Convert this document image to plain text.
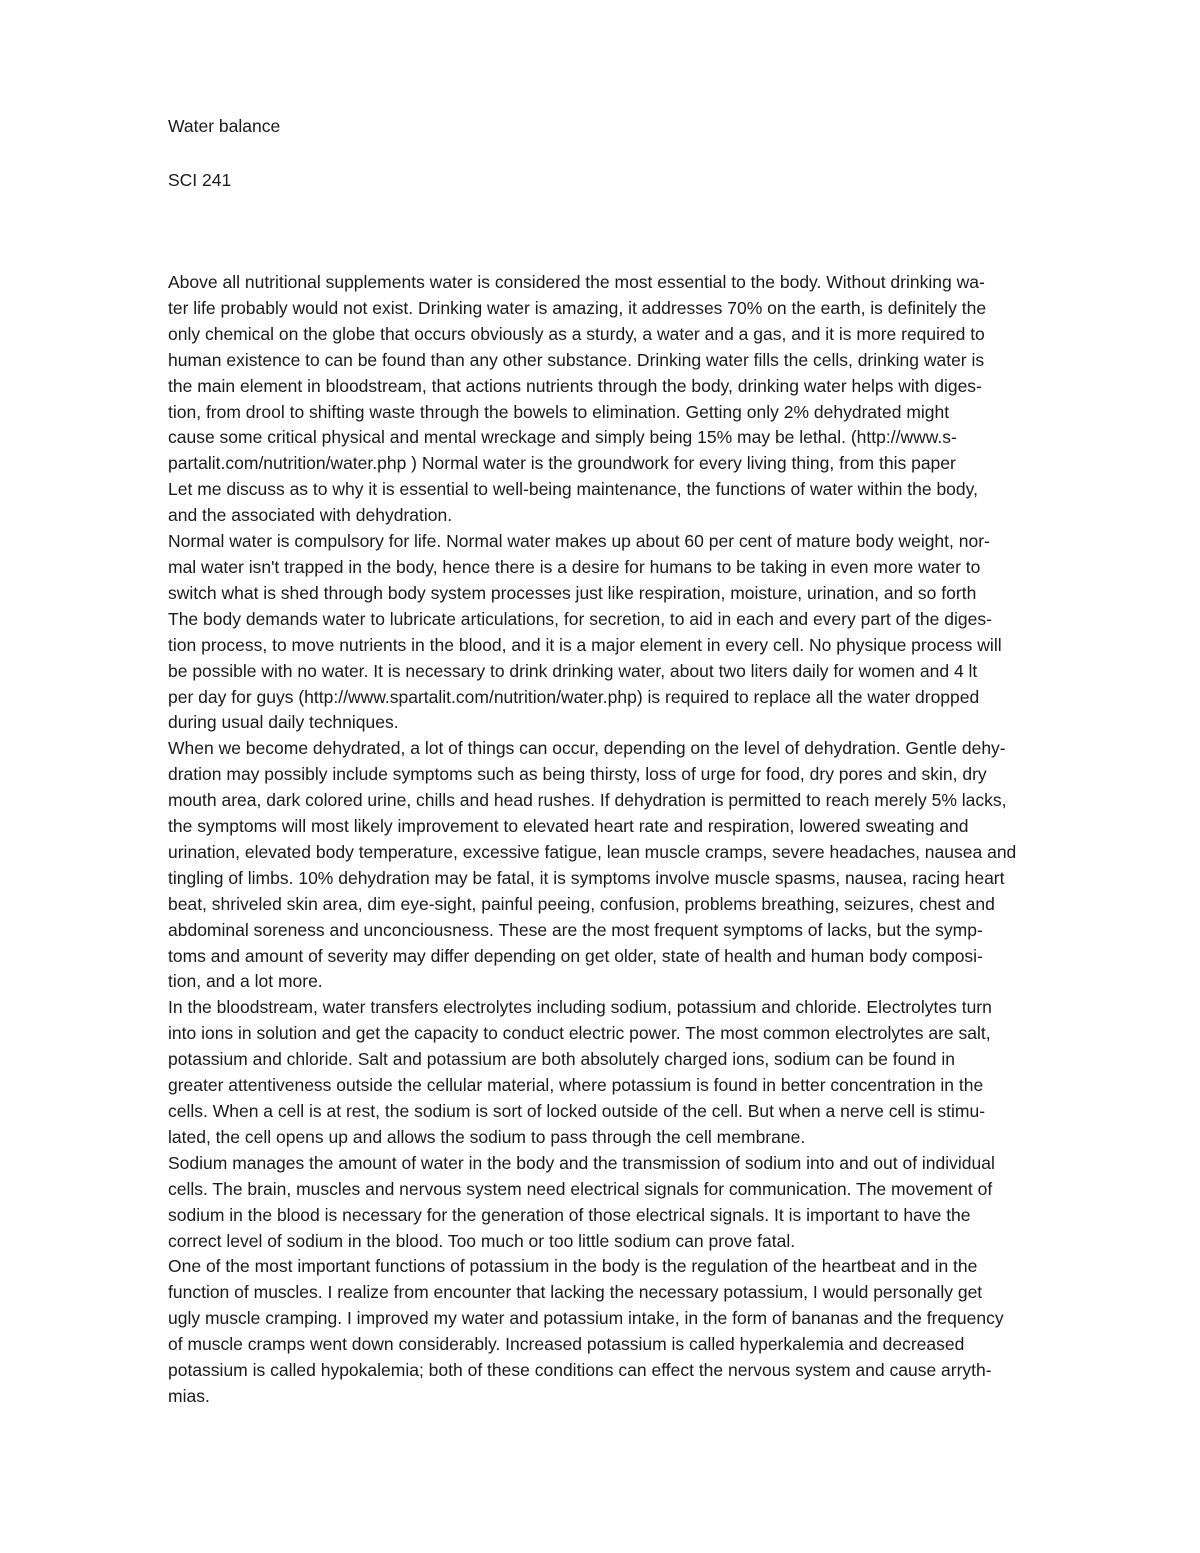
Water balance

SCI 241

Above all nutritional supplements water is considered the most essential to the body. Without drinking wa-
ter life probably would not exist. Drinking water is amazing, it addresses 70% on the earth, is definitely the
only chemical on the globe that occurs obviously as a sturdy, a water and a gas, and it is more required to
human existence to can be found than any other substance. Drinking water fills the cells, drinking water is
the main element in bloodstream, that actions nutrients through the body, drinking water helps with diges-
tion, from drool to shifting waste through the bowels to elimination. Getting only 2% dehydrated might
cause some critical physical and mental wreckage and simply being 15% may be lethal. (http://www.s-
partalit.com/nutrition/water.php ) Normal water is the groundwork for every living thing, from this paper
Let me discuss as to why it is essential to well-being maintenance, the functions of water within the body,
and the associated with dehydration.

Normal water is compulsory for life. Normal water makes up about 60 per cent of mature body weight, nor-
mal water isn't trapped in the body, hence there is a desire for humans to be taking in even more water to
switch what is shed through body system processes just like respiration, moisture, urination, and so forth
The body demands water to lubricate articulations, for secretion, to aid in each and every part of the diges-
tion process, to move nutrients in the blood, and it is a major element in every cell. No physique process will
be possible with no water. It is necessary to drink drinking water, about two liters daily for women and 4 lt
per day for guys (http://www.spartalit.com/nutrition/water.php) is required to replace all the water dropped
during usual daily techniques.

When we become dehydrated, a lot of things can occur, depending on the level of dehydration. Gentle dehy-
dration may possibly include symptoms such as being thirsty, loss of urge for food, dry pores and skin, dry
mouth area, dark colored urine, chills and head rushes. If dehydration is permitted to reach merely 5% lacks,
the symptoms will most likely improvement to elevated heart rate and respiration, lowered sweating and
urination, elevated body temperature, excessive fatigue, lean muscle cramps, severe headaches, nausea and
tingling of limbs. 10% dehydration may be fatal, it is symptoms involve muscle spasms, nausea, racing heart
beat, shriveled skin area, dim eye-sight, painful peeing, confusion, problems breathing, seizures, chest and
abdominal soreness and unconciousness. These are the most frequent symptoms of lacks, but the symp-
toms and amount of severity may differ depending on get older, state of health and human body composi-
tion, and a lot more.

In the bloodstream, water transfers electrolytes including sodium, potassium and chloride. Electrolytes turn
into ions in solution and get the capacity to conduct electric power. The most common electrolytes are salt,
potassium and chloride. Salt and potassium are both absolutely charged ions, sodium can be found in
greater attentiveness outside the cellular material, where potassium is found in better concentration in the
cells. When a cell is at rest, the sodium is sort of locked outside of the cell. But when a nerve cell is stimu-
lated, the cell opens up and allows the sodium to pass through the cell membrane.

Sodium manages the amount of water in the body and the transmission of sodium into and out of individual
cells. The brain, muscles and nervous system need electrical signals for communication. The movement of
sodium in the blood is necessary for the generation of those electrical signals. It is important to have the
correct level of sodium in the blood. Too much or too little sodium can prove fatal.

One of the most important functions of potassium in the body is the regulation of the heartbeat and in the
function of muscles. I realize from encounter that lacking the necessary potassium, I would personally get
ugly muscle cramping. I improved my water and potassium intake, in the form of bananas and the frequency
of muscle cramps went down considerably. Increased potassium is called hyperkalemia and decreased
potassium is called hypokalemia; both of these conditions can effect the nervous system and cause arryth-
mias.
